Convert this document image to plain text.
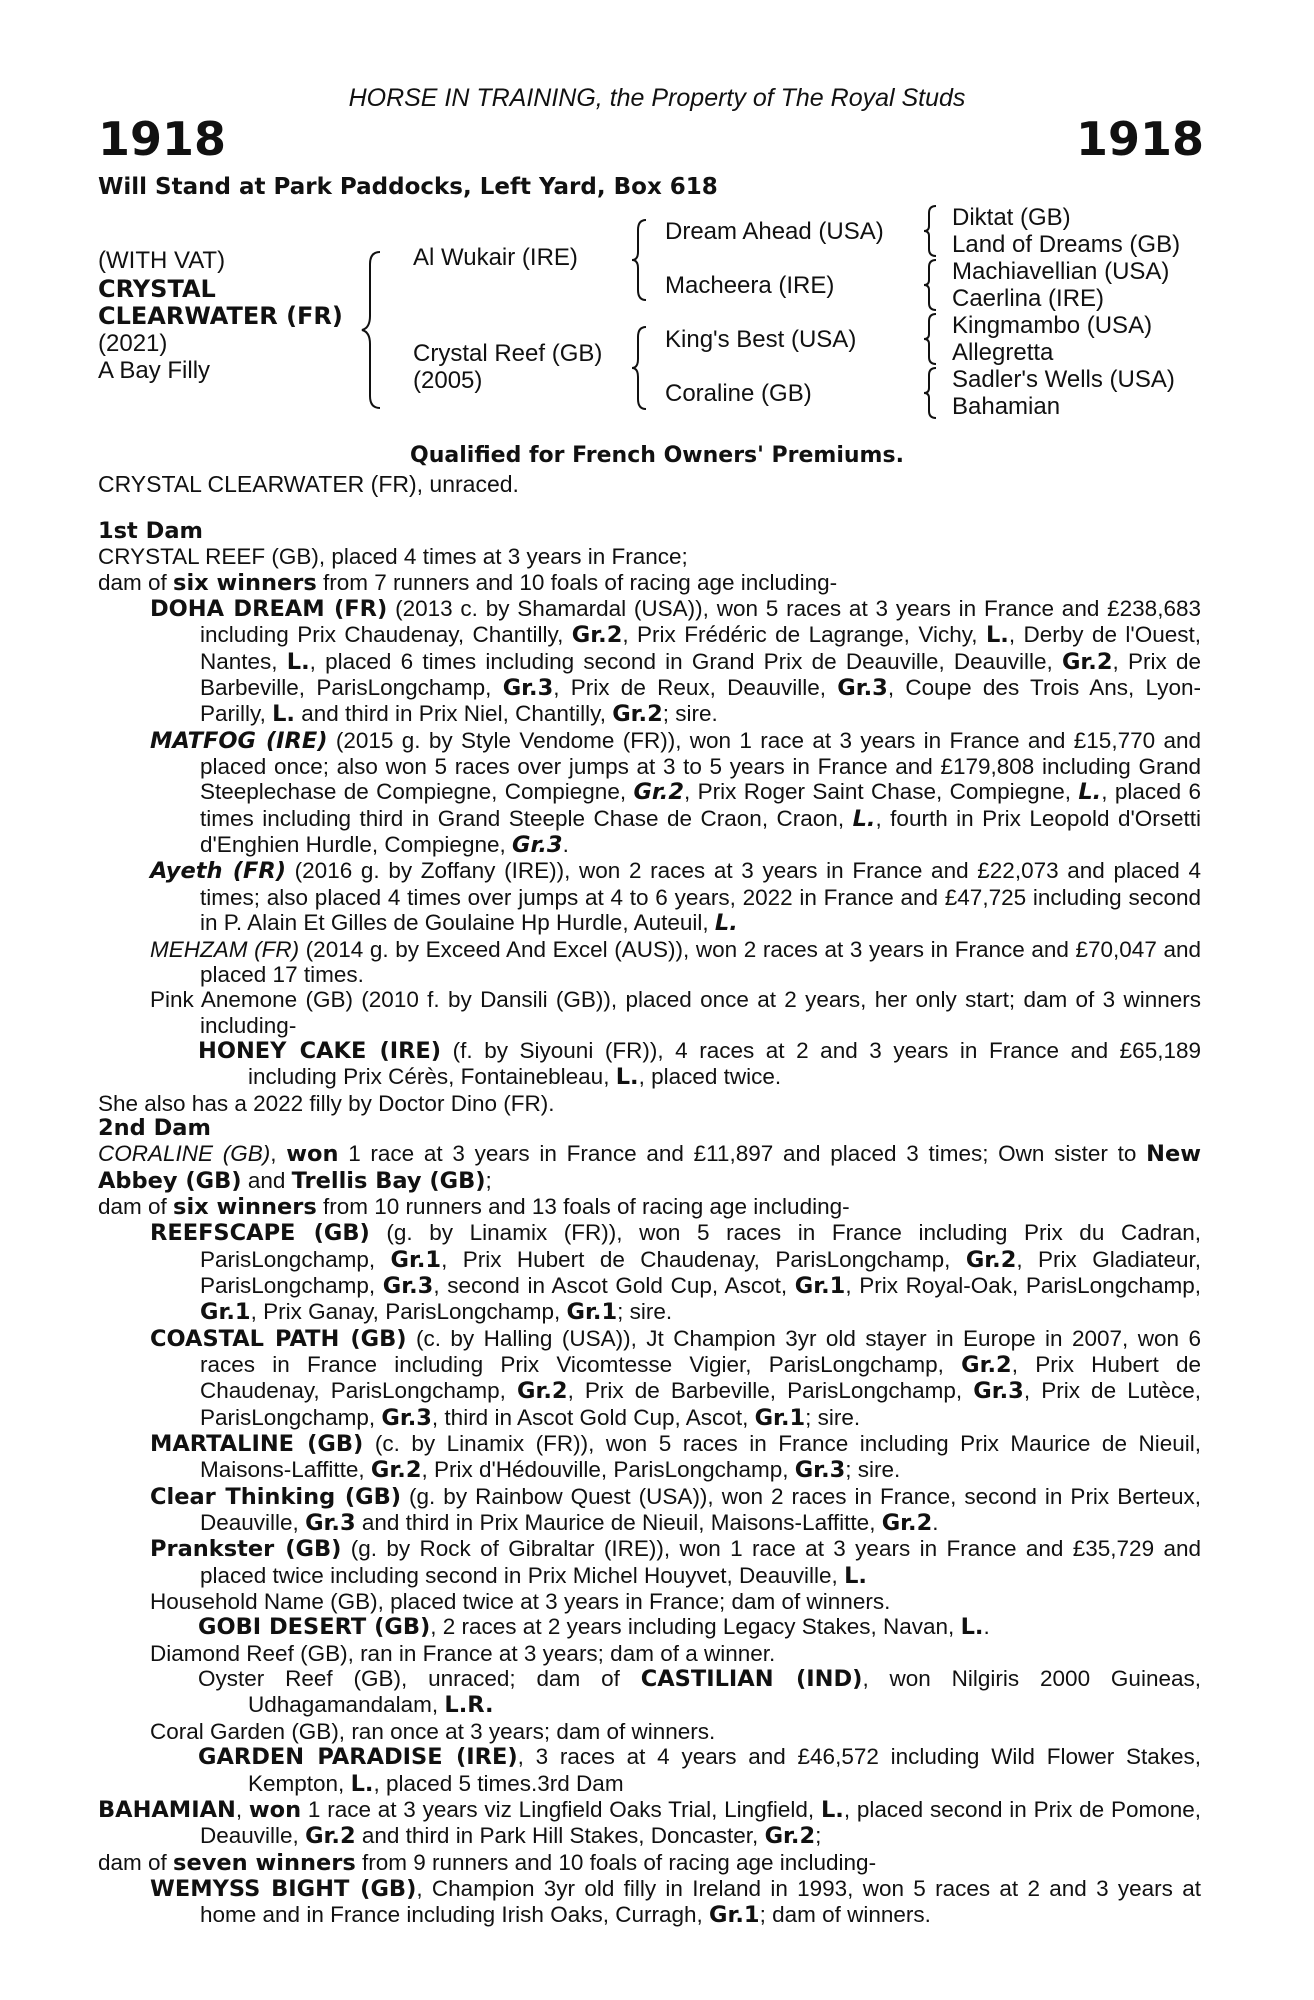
HORSE IN TRAINING, the Property of The Royal Studs
1918	1918
Will Stand at Park Paddocks, Left Yard, Box 618
(WITH VAT)
CRYSTAL
CLEARWATER (FR)
(2021)
A Bay Filly
Al Wukair (IRE)
Crystal Reef (GB)
(2005)
Dream Ahead (USA)
Macheera (IRE)
King's Best (USA)
Coraline (GB)
Diktat (GB)
Land of Dreams (GB)
Machiavellian (USA)
Caerlina (IRE)
Kingmambo (USA)
Allegretta
Sadler's Wells (USA)
Bahamian
Qualified for French Owners' Premiums.
CRYSTAL CLEARWATER (FR), unraced.

1st Dam

CRYSTAL REEF (GB), placed 4 times at 3 years in France;

dam of six winners from 7 runners and 10 foals of racing age including-

DOHA DREAM (FR) (2013 c. by Shamardal (USA)), won 5 races at 3 years in France and £238,683 including Prix Chaudenay, Chantilly, Gr.2, Prix Frédéric de Lagrange, Vichy, L., Derby de l'Ouest, Nantes, L., placed 6 times including second in Grand Prix de Deauville, Deauville, Gr.2, Prix de Barbeville, ParisLongchamp, Gr.3, Prix de Reux, Deauville, Gr.3, Coupe des Trois Ans, Lyon-Parilly, L. and third in Prix Niel, Chantilly, Gr.2; sire.

MATFOG (IRE) (2015 g. by Style Vendome (FR)), won 1 race at 3 years in France and £15,770 and placed once; also won 5 races over jumps at 3 to 5 years in France and £179,808 including Grand Steeplechase de Compiegne, Compiegne, Gr.2, Prix Roger Saint Chase, Compiegne, L., placed 6 times including third in Grand Steeple Chase de Craon, Craon, L., fourth in Prix Leopold d'Orsetti d'Enghien Hurdle, Compiegne, Gr.3.

Ayeth (FR) (2016 g. by Zoffany (IRE)), won 2 races at 3 years in France and £22,073 and placed 4 times; also placed 4 times over jumps at 4 to 6 years, 2022 in France and £47,725 including second in P. Alain Et Gilles de Goulaine Hp Hurdle, Auteuil, L.

MEHZAM (FR) (2014 g. by Exceed And Excel (AUS)), won 2 races at 3 years in France and £70,047 and placed 17 times.

Pink Anemone (GB) (2010 f. by Dansili (GB)), placed once at 2 years, her only start; dam of 3 winners including-

HONEY CAKE (IRE) (f. by Siyouni (FR)), 4 races at 2 and 3 years in France and £65,189 including Prix Cérès, Fontainebleau, L., placed twice.

She also has a 2022 filly by Doctor Dino (FR).

2nd Dam

CORALINE (GB), won 1 race at 3 years in France and £11,897 and placed 3 times; Own sister to New Abbey (GB) and Trellis Bay (GB);

dam of six winners from 10 runners and 13 foals of racing age including-

REEFSCAPE (GB) (g. by Linamix (FR)), won 5 races in France including Prix du Cadran, ParisLongchamp, Gr.1, Prix Hubert de Chaudenay, ParisLongchamp, Gr.2, Prix Gladiateur, ParisLongchamp, Gr.3, second in Ascot Gold Cup, Ascot, Gr.1, Prix Royal-Oak, ParisLongchamp, Gr.1, Prix Ganay, ParisLongchamp, Gr.1; sire.

COASTAL PATH (GB) (c. by Halling (USA)), Jt Champion 3yr old stayer in Europe in 2007, won 6 races in France including Prix Vicomtesse Vigier, ParisLongchamp, Gr.2, Prix Hubert de Chaudenay, ParisLongchamp, Gr.2, Prix de Barbeville, ParisLongchamp, Gr.3, Prix de Lutèce, ParisLongchamp, Gr.3, third in Ascot Gold Cup, Ascot, Gr.1; sire.

MARTALINE (GB) (c. by Linamix (FR)), won 5 races in France including Prix Maurice de Nieuil, Maisons-Laffitte, Gr.2, Prix d'Hédouville, ParisLongchamp, Gr.3; sire.

Clear Thinking (GB) (g. by Rainbow Quest (USA)), won 2 races in France, second in Prix Berteux, Deauville, Gr.3 and third in Prix Maurice de Nieuil, Maisons-Laffitte, Gr.2.

Prankster (GB) (g. by Rock of Gibraltar (IRE)), won 1 race at 3 years in France and £35,729 and placed twice including second in Prix Michel Houyvet, Deauville, L.

Household Name (GB), placed twice at 3 years in France; dam of winners.

GOBI DESERT (GB), 2 races at 2 years including Legacy Stakes, Navan, L..

Diamond Reef (GB), ran in France at 3 years; dam of a winner.

Oyster Reef (GB), unraced; dam of CASTILIAN (IND), won Nilgiris 2000 Guineas, Udhagamandalam, L.R.

Coral Garden (GB), ran once at 3 years; dam of winners.

GARDEN PARADISE (IRE), 3 races at 4 years and £46,572 including Wild Flower Stakes, Kempton, L., placed 5 times.3rd Dam

BAHAMIAN, won 1 race at 3 years viz Lingfield Oaks Trial, Lingfield, L., placed second in Prix de Pomone, Deauville, Gr.2 and third in Park Hill Stakes, Doncaster, Gr.2;

dam of seven winners from 9 runners and 10 foals of racing age including-

WEMYSS BIGHT (GB), Champion 3yr old filly in Ireland in 1993, won 5 races at 2 and 3 years at home and in France including Irish Oaks, Curragh, Gr.1; dam of winners.
